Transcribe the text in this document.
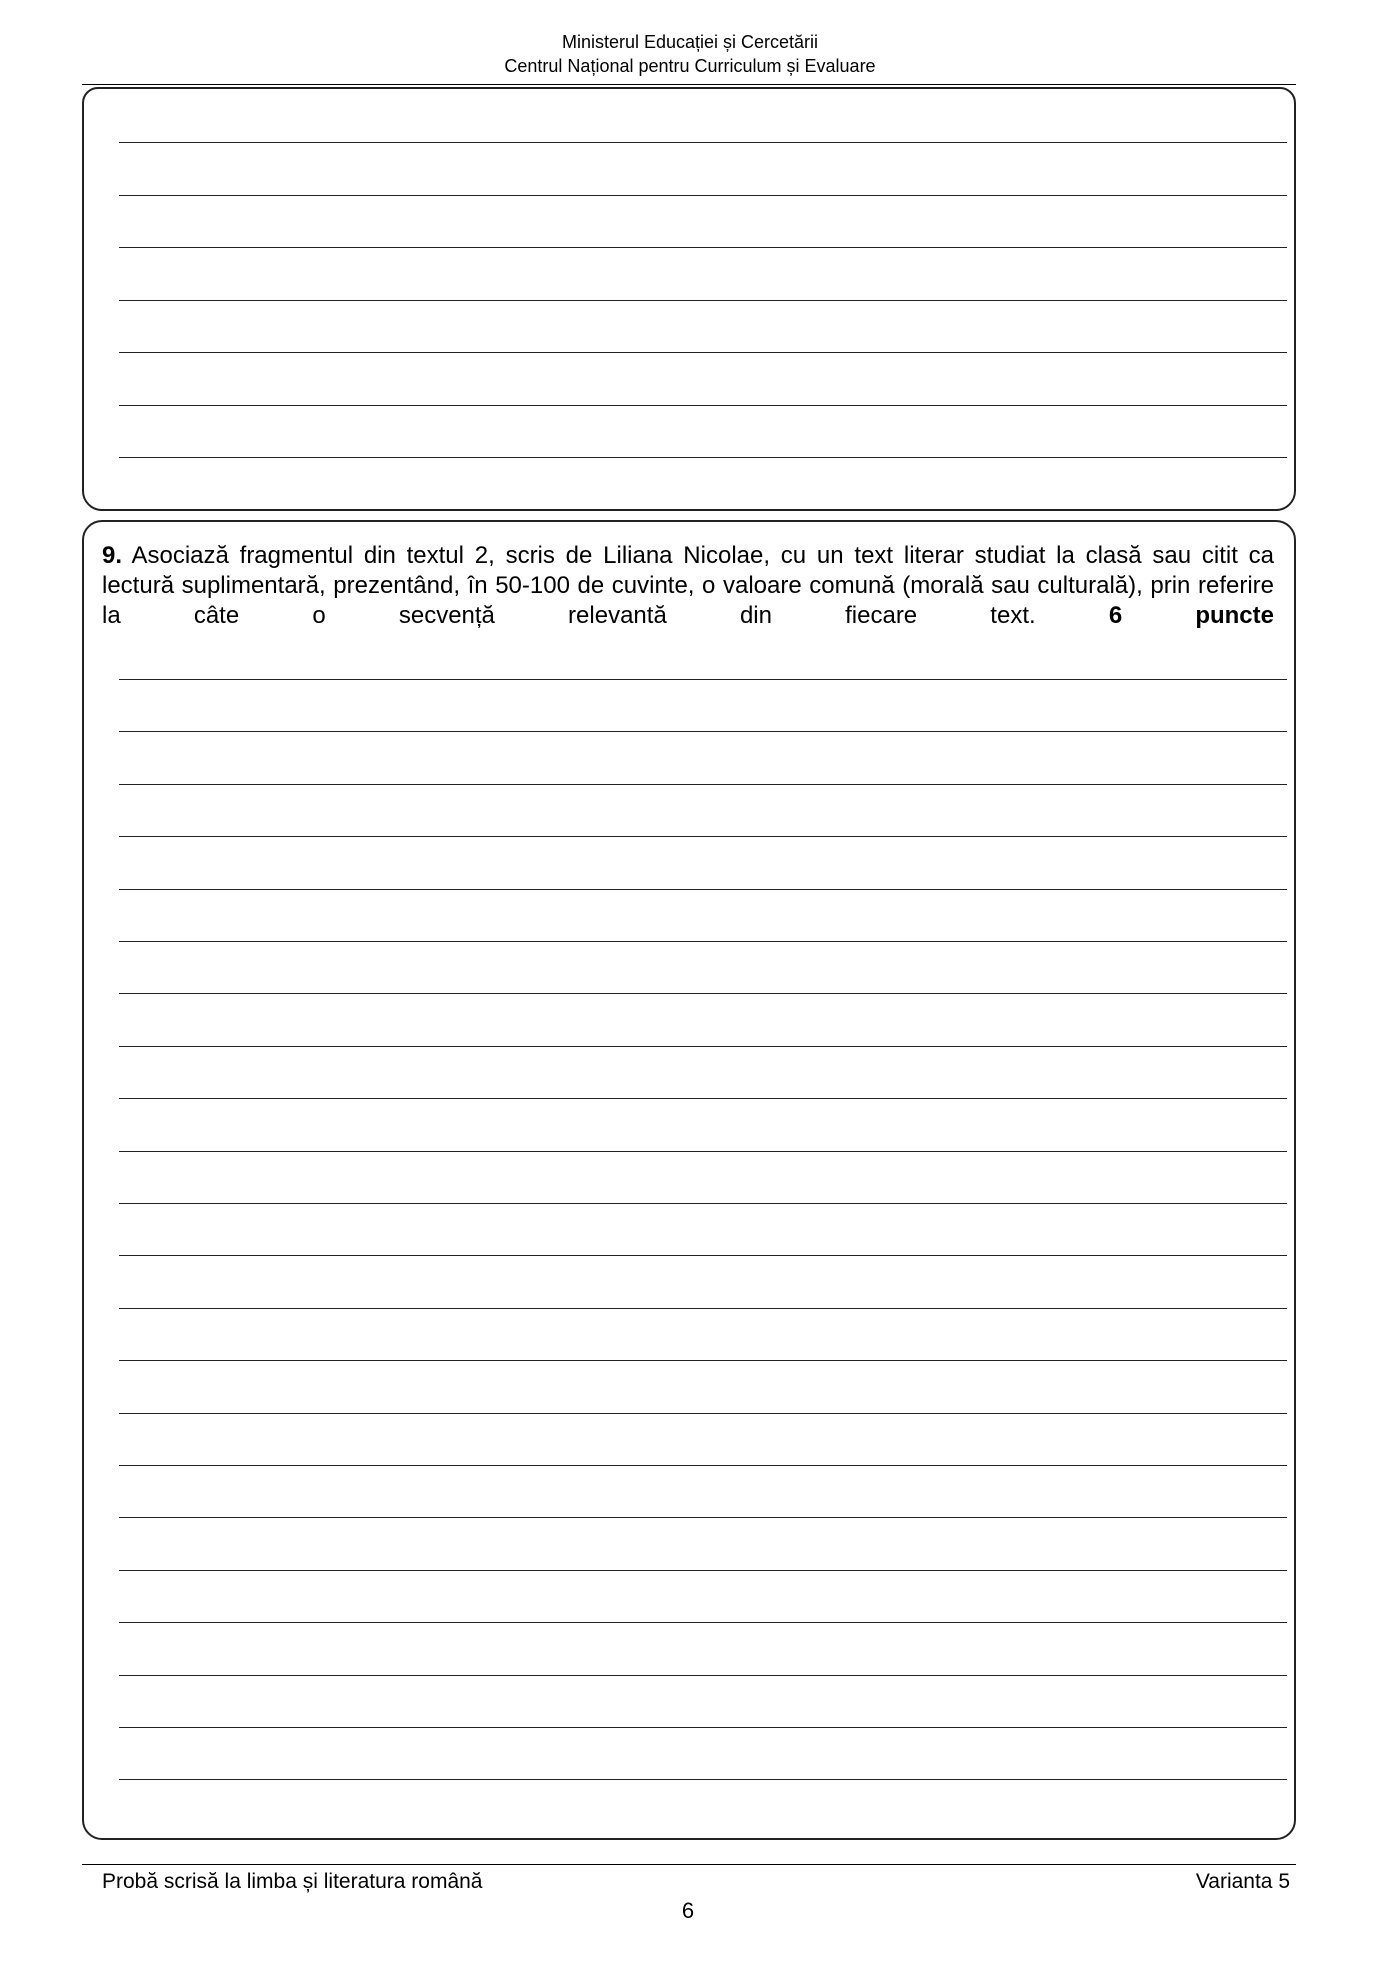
Ministerul Educației și Cercetării
Centrul Național pentru Curriculum și Evaluare
9. Asociază fragmentul din textul 2, scris de Liliana Nicolae, cu un text literar studiat la clasă sau citit ca lectură suplimentară, prezentând, în 50-100 de cuvinte, o valoare comună (morală sau culturală), prin referire la câte o secvență relevantă din fiecare text.	6 puncte
Probă scrisă la limba și literatura română	Varianta 5
6
